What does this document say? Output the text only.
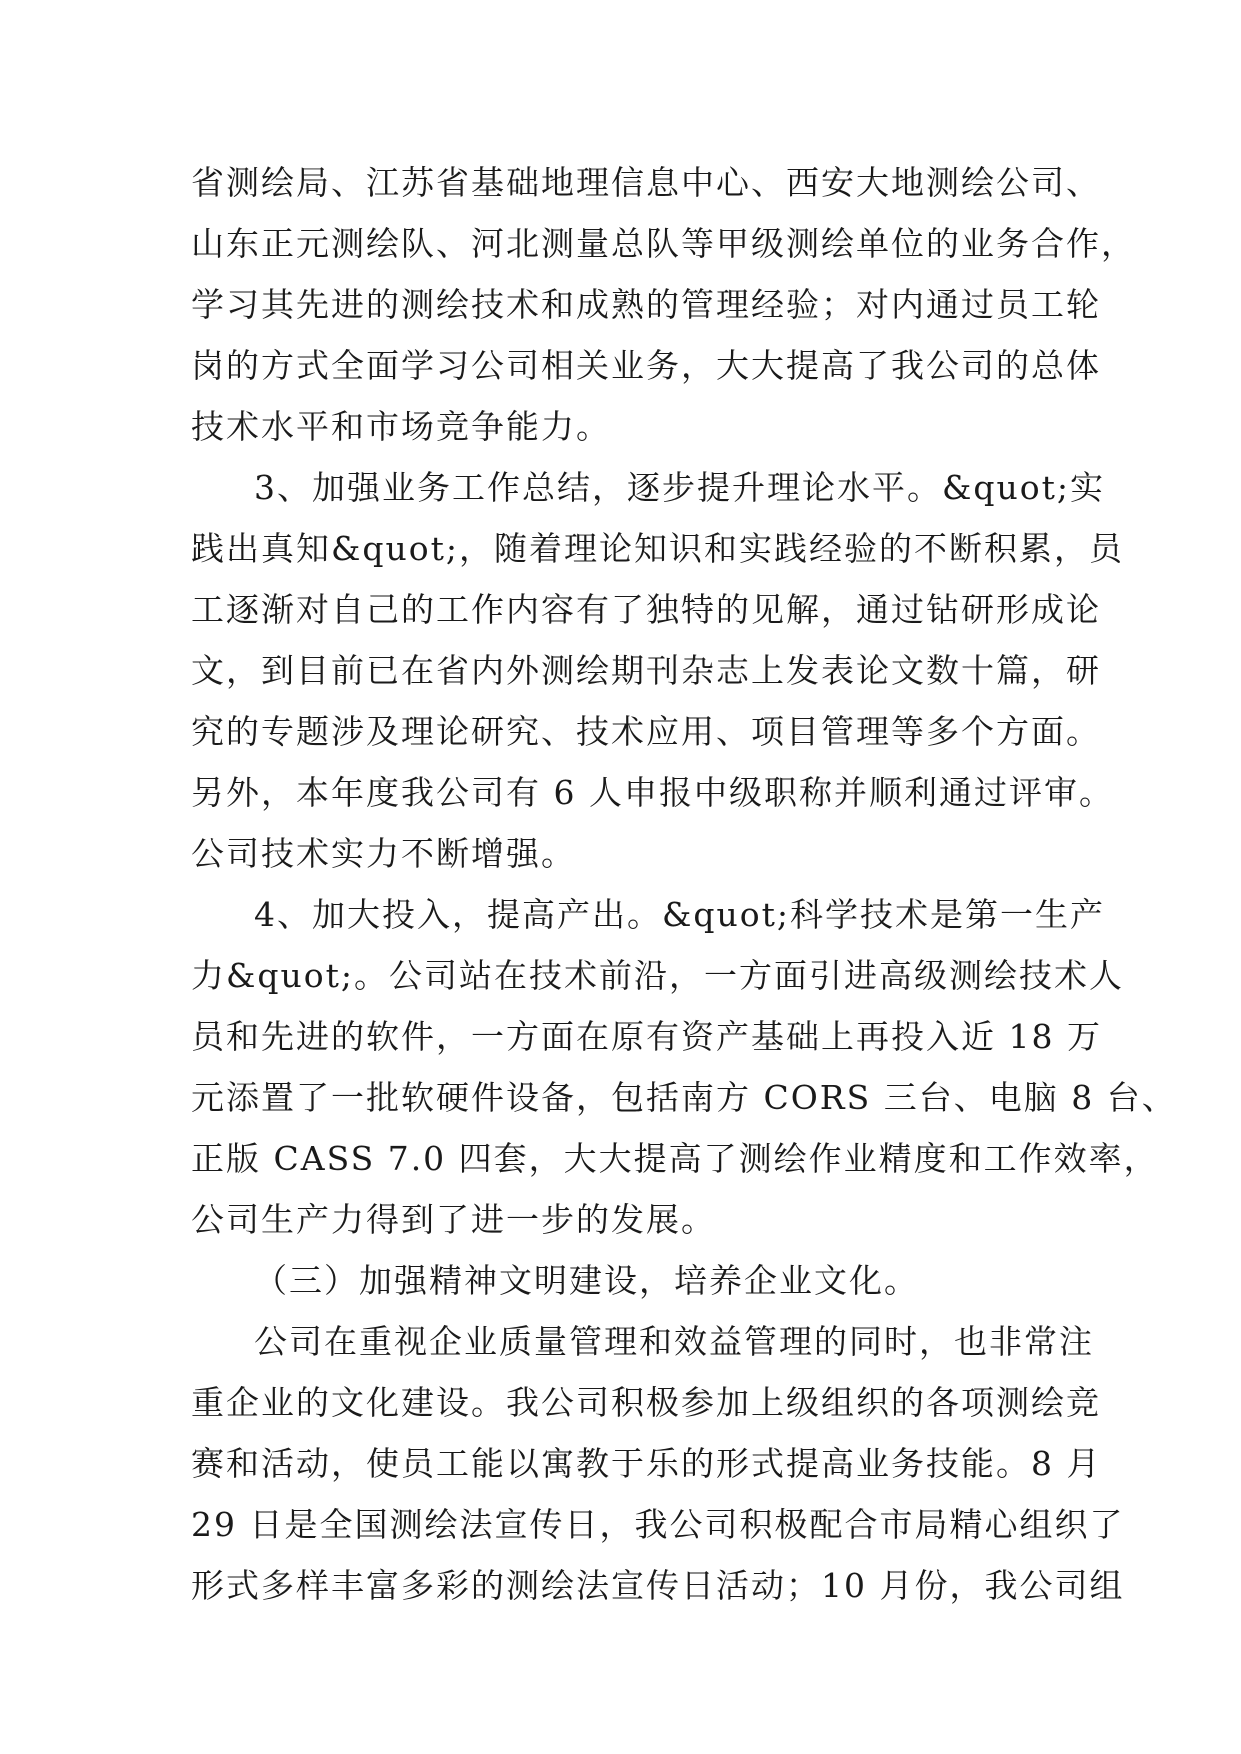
省测绘局、江苏省基础地理信息中心、西安大地测绘公司、
山东正元测绘队、河北测量总队等甲级测绘单位的业务合作，
学习其先进的测绘技术和成熟的管理经验；对内通过员工轮
岗的方式全面学习公司相关业务，大大提高了我公司的总体
技术水平和市场竞争能力。
3、加强业务工作总结，逐步提升理论水平。&quot;实
践出真知&quot;，随着理论知识和实践经验的不断积累，员
工逐渐对自己的工作内容有了独特的见解，通过钻研形成论
文，到目前已在省内外测绘期刊杂志上发表论文数十篇，研
究的专题涉及理论研究、技术应用、项目管理等多个方面。
另外，本年度我公司有 6 人申报中级职称并顺利通过评审。
公司技术实力不断增强。
4、加大投入，提高产出。&quot;科学技术是第一生产
力&quot;。公司站在技术前沿，一方面引进高级测绘技术人
员和先进的软件，一方面在原有资产基础上再投入近 18 万
元添置了一批软硬件设备，包括南方 CORS 三台、电脑 8 台、
正版 CASS 7.0 四套，大大提高了测绘作业精度和工作效率，
公司生产力得到了进一步的发展。
（三）加强精神文明建设，培养企业文化。
公司在重视企业质量管理和效益管理的同时，也非常注
重企业的文化建设。我公司积极参加上级组织的各项测绘竞
赛和活动，使员工能以寓教于乐的形式提高业务技能。8 月
29 日是全国测绘法宣传日，我公司积极配合市局精心组织了
形式多样丰富多彩的测绘法宣传日活动；10 月份，我公司组
